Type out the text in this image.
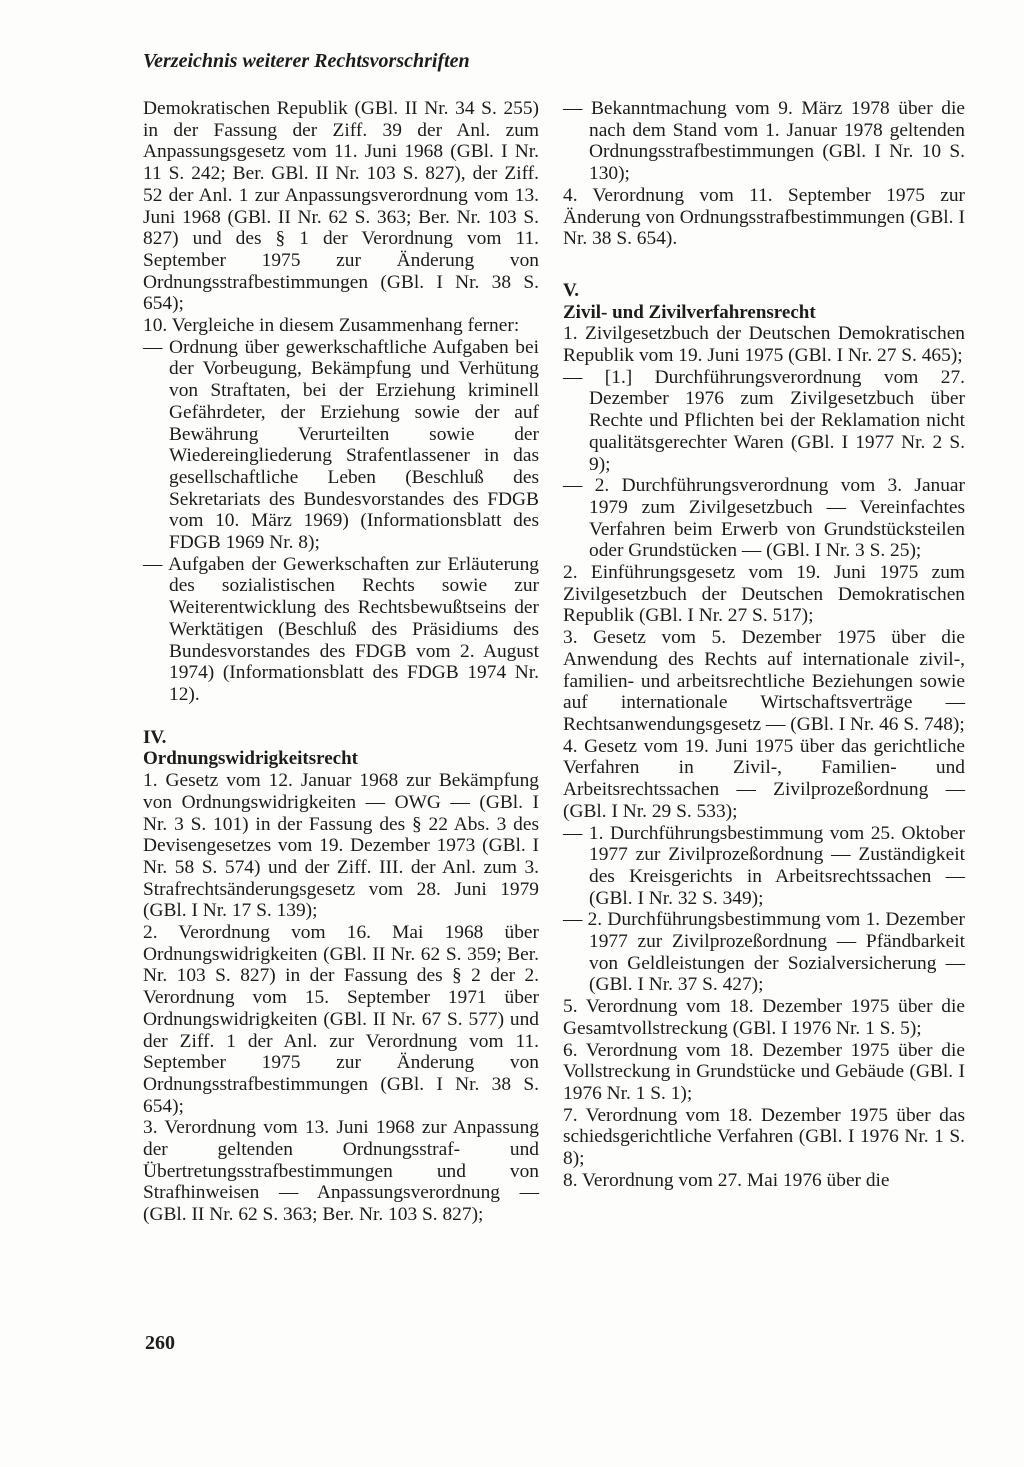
Verzeichnis weiterer Rechtsvorschriften

Demokratischen Republik (GBl. II Nr. 34 S. 255) in der Fassung der Ziff. 39 der Anl. zum Anpassungsgesetz vom 11. Juni 1968 (GBl. I Nr. 11 S. 242; Ber. GBl. II Nr. 103 S. 827), der Ziff. 52 der Anl. 1 zur Anpassungsverordnung vom 13. Juni 1968 (GBl. II Nr. 62 S. 363; Ber. Nr. 103 S. 827) und des § 1 der Verordnung vom 11. September 1975 zur Änderung von Ordnungsstrafbestimmungen (GBl. I Nr. 38 S. 654);

10. Vergleiche in diesem Zusammenhang ferner:

— Ordnung über gewerkschaftliche Aufgaben bei der Vorbeugung, Bekämpfung und Verhütung von Straftaten, bei der Erziehung kriminell Gefährdeter, der Erziehung sowie der auf Bewährung Verurteilten sowie der Wiedereingliederung Strafentlassener in das gesellschaftliche Leben (Beschluß des Sekretariats des Bundesvorstandes des FDGB vom 10. März 1969) (Informationsblatt des FDGB 1969 Nr. 8);

— Aufgaben der Gewerkschaften zur Erläuterung des sozialistischen Rechts sowie zur Weiterentwicklung des Rechtsbewußtseins der Werktätigen (Beschluß des Präsidiums des Bundesvorstandes des FDGB vom 2. August 1974) (Informationsblatt des FDGB 1974 Nr. 12).

IV.
Ordnungswidrigkeitsrecht

1. Gesetz vom 12. Januar 1968 zur Bekämpfung von Ordnungswidrigkeiten — OWG — (GBl. I Nr. 3 S. 101) in der Fassung des § 22 Abs. 3 des Devisengesetzes vom 19. Dezember 1973 (GBl. I Nr. 58 S. 574) und der Ziff. III. der Anl. zum 3. Strafrechtsänderungsgesetz vom 28. Juni 1979 (GBl. I Nr. 17 S. 139);

2. Verordnung vom 16. Mai 1968 über Ordnungswidrigkeiten (GBl. II Nr. 62 S. 359; Ber. Nr. 103 S. 827) in der Fassung des § 2 der 2. Verordnung vom 15. September 1971 über Ordnungswidrigkeiten (GBl. II Nr. 67 S. 577) und der Ziff. 1 der Anl. zur Verordnung vom 11. September 1975 zur Änderung von Ordnungsstrafbestimmungen (GBl. I Nr. 38 S. 654);

3. Verordnung vom 13. Juni 1968 zur Anpassung der geltenden Ordnungsstraf- und Übertretungsstrafbestimmungen und von Strafhinweisen — Anpassungsverordnung — (GBl. II Nr. 62 S. 363; Ber. Nr. 103 S. 827);

— Bekanntmachung vom 9. März 1978 über die nach dem Stand vom 1. Januar 1978 geltenden Ordnungsstrafbestimmungen (GBl. I Nr. 10 S. 130);

4. Verordnung vom 11. September 1975 zur Änderung von Ordnungsstrafbestimmungen (GBl. I Nr. 38 S. 654).

V.
Zivil- und Zivilverfahrensrecht

1. Zivilgesetzbuch der Deutschen Demokratischen Republik vom 19. Juni 1975 (GBl. I Nr. 27 S. 465);

— [1.] Durchführungsverordnung vom 27. Dezember 1976 zum Zivilgesetzbuch über Rechte und Pflichten bei der Reklamation nicht qualitätsgerechter Waren (GBl. I 1977 Nr. 2 S. 9);

— 2. Durchführungsverordnung vom 3. Januar 1979 zum Zivilgesetzbuch — Vereinfachtes Verfahren beim Erwerb von Grundstücksteilen oder Grundstücken — (GBl. I Nr. 3 S. 25);

2. Einführungsgesetz vom 19. Juni 1975 zum Zivilgesetzbuch der Deutschen Demokratischen Republik (GBl. I Nr. 27 S. 517);

3. Gesetz vom 5. Dezember 1975 über die Anwendung des Rechts auf internationale zivil-, familien- und arbeitsrechtliche Beziehungen sowie auf internationale Wirtschaftsverträge — Rechtsanwendungsgesetz — (GBl. I Nr. 46 S. 748);

4. Gesetz vom 19. Juni 1975 über das gerichtliche Verfahren in Zivil-, Familien- und Arbeitsrechtssachen — Zivilprozeßordnung — (GBl. I Nr. 29 S. 533);

— 1. Durchführungsbestimmung vom 25. Oktober 1977 zur Zivilprozeßordnung — Zuständigkeit des Kreisgerichts in Arbeitsrechtssachen — (GBl. I Nr. 32 S. 349);

— 2. Durchführungsbestimmung vom 1. Dezember 1977 zur Zivilprozeßordnung — Pfändbarkeit von Geldleistungen der Sozialversicherung — (GBl. I Nr. 37 S. 427);

5. Verordnung vom 18. Dezember 1975 über die Gesamtvollstreckung (GBl. I 1976 Nr. 1 S. 5);

6. Verordnung vom 18. Dezember 1975 über die Vollstreckung in Grundstücke und Gebäude (GBl. I 1976 Nr. 1 S. 1);

7. Verordnung vom 18. Dezember 1975 über das schiedsgerichtliche Verfahren (GBl. I 1976 Nr. 1 S. 8);

8. Verordnung vom 27. Mai 1976 über die

260
